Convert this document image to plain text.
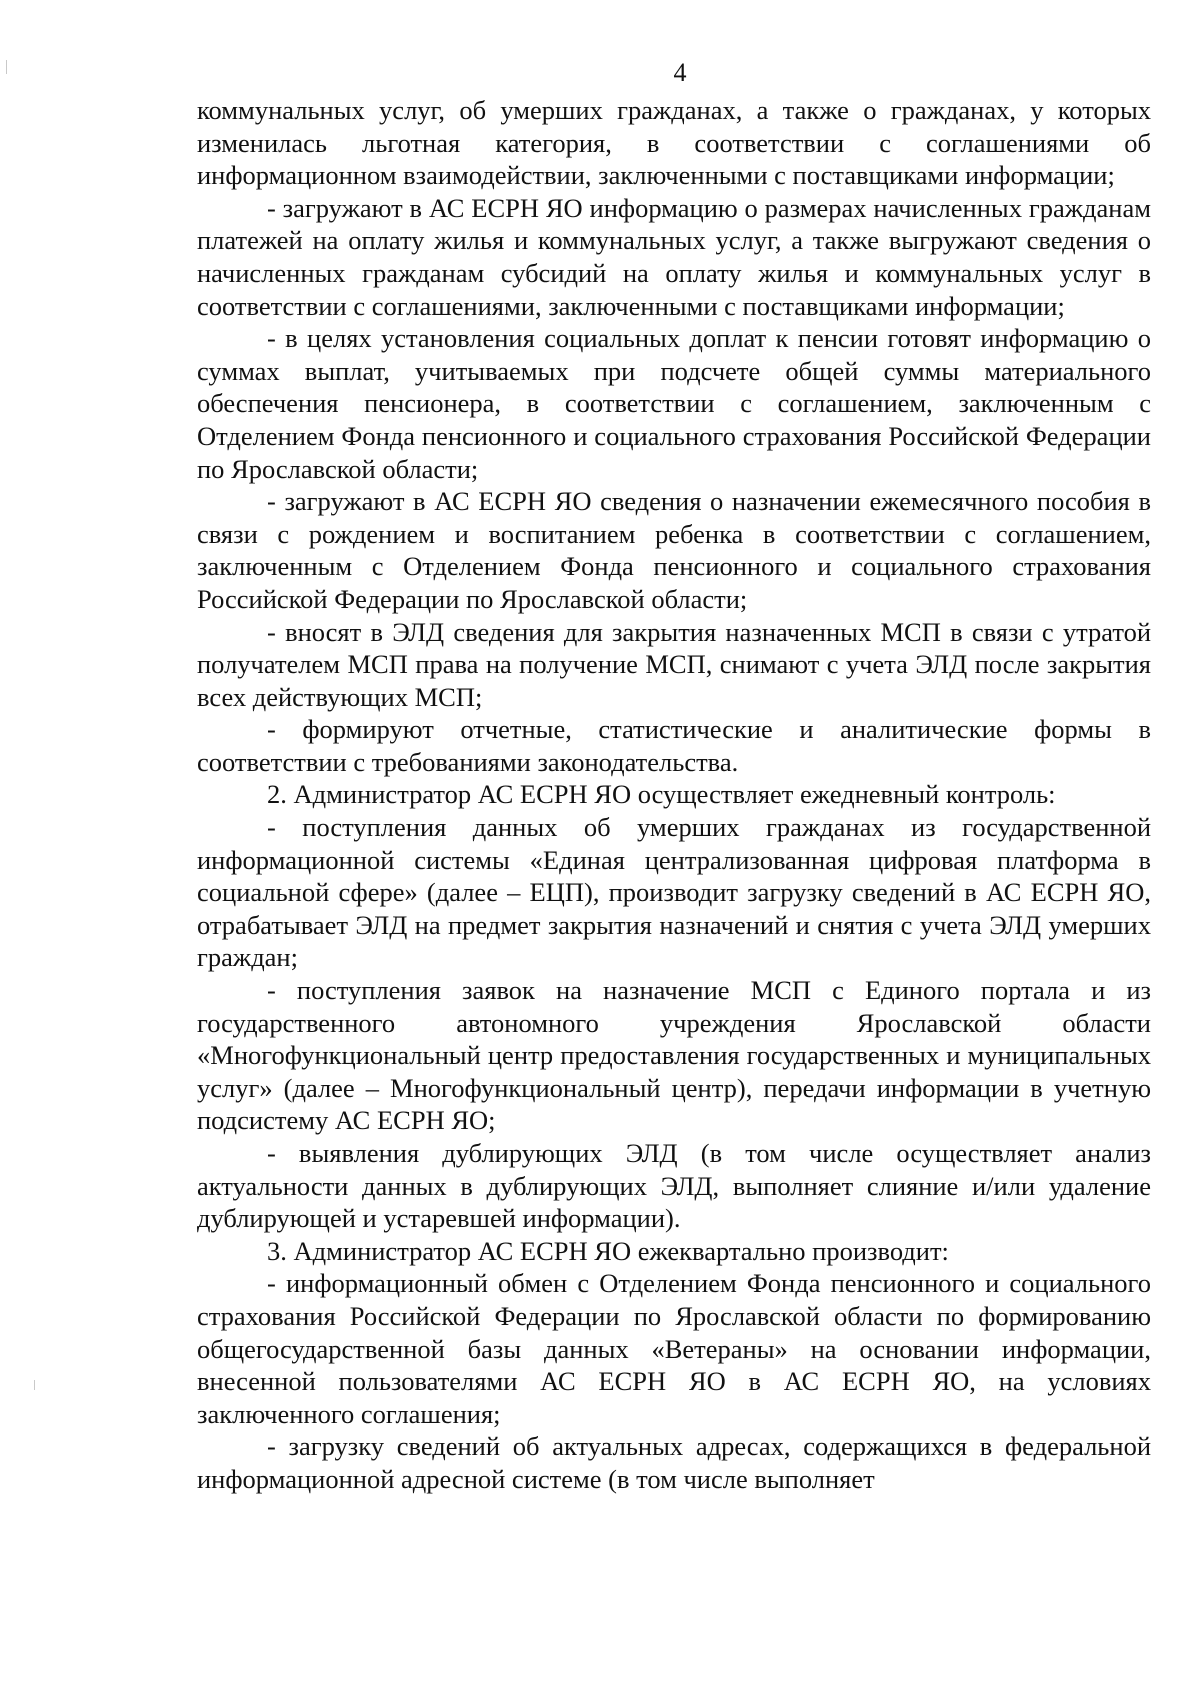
4

коммунальных услуг, об умерших гражданах, а также о гражданах, у которых изменилась льготная категория, в соответствии с соглашениями об информационном взаимодействии, заключенными с поставщиками информации;

- загружают в АС ЕСРН ЯО информацию о размерах начисленных гражданам платежей на оплату жилья и коммунальных услуг, а также выгружают сведения о начисленных гражданам субсидий на оплату жилья и коммунальных услуг в соответствии с соглашениями, заключенными с поставщиками информации;

- в целях установления социальных доплат к пенсии готовят информацию о суммах выплат, учитываемых при подсчете общей суммы материального обеспечения пенсионера, в соответствии с соглашением, заключенным с Отделением Фонда пенсионного и социального страхования Российской Федерации по Ярославской области;

- загружают в АС ЕСРН ЯО сведения о назначении ежемесячного пособия в связи с рождением и воспитанием ребенка в соответствии с соглашением, заключенным с Отделением Фонда пенсионного и социального страхования Российской Федерации по Ярославской области;

- вносят в ЭЛД сведения для закрытия назначенных МСП в связи с утратой получателем МСП права на получение МСП, снимают с учета ЭЛД после закрытия всех действующих МСП;

- формируют отчетные, статистические и аналитические формы в соответствии с требованиями законодательства.

2. Администратор АС ЕСРН ЯО осуществляет ежедневный контроль:

- поступления данных об умерших гражданах из государственной информационной системы «Единая централизованная цифровая платформа в социальной сфере» (далее – ЕЦП), производит загрузку сведений в АС ЕСРН ЯО, отрабатывает ЭЛД на предмет закрытия назначений и снятия с учета ЭЛД умерших граждан;

- поступления заявок на назначение МСП с Единого портала и из государственного автономного учреждения Ярославской области «Многофункциональный центр предоставления государственных и муниципальных услуг» (далее – Многофункциональный центр), передачи информации в учетную подсистему АС ЕСРН ЯО;

- выявления дублирующих ЭЛД (в том числе осуществляет анализ актуальности данных в дублирующих ЭЛД, выполняет слияние и/или удаление дублирующей и устаревшей информации).

3. Администратор АС ЕСРН ЯО ежеквартально производит:

- информационный обмен с Отделением Фонда пенсионного и социального страхования Российской Федерации по Ярославской области по формированию общегосударственной базы данных «Ветераны» на основании информации, внесенной пользователями АС ЕСРН ЯО в АС ЕСРН ЯО, на условиях заключенного соглашения;

- загрузку сведений об актуальных адресах, содержащихся в федеральной информационной адресной системе (в том числе выполняет
